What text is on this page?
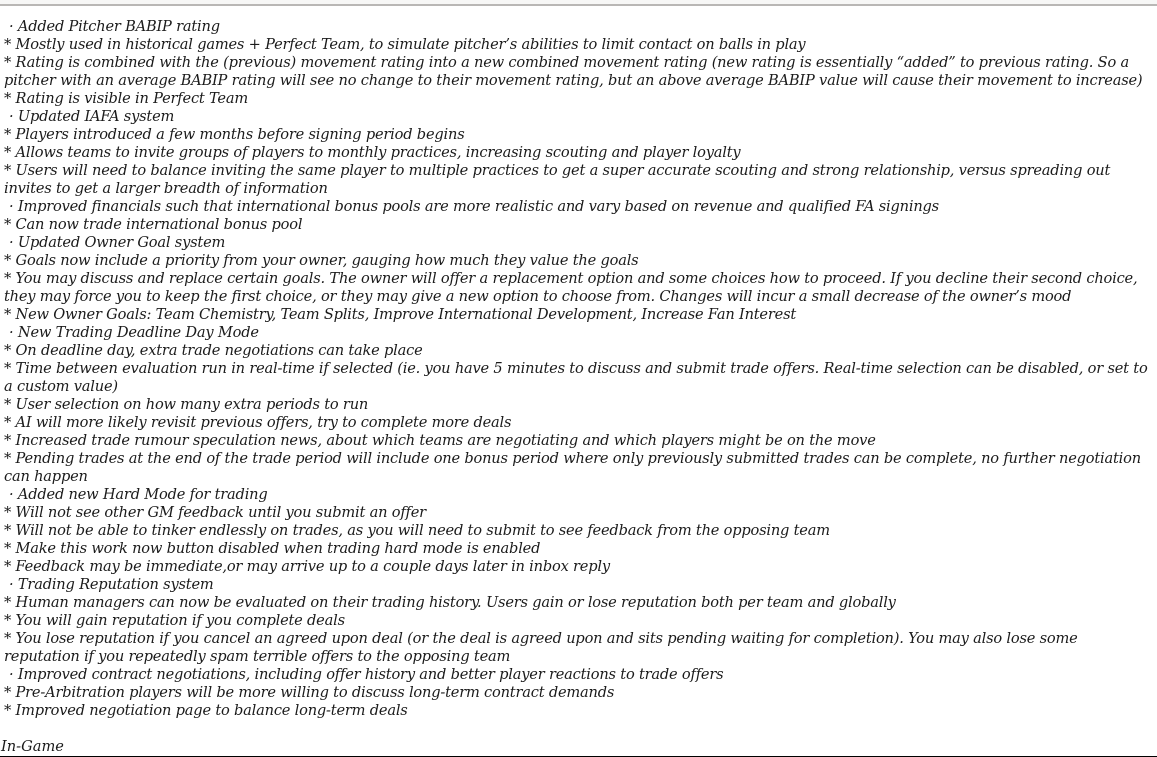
· Added Pitcher BABIP rating
* Mostly used in historical games + Perfect Team, to simulate pitcher’s abilities to limit contact on balls in play
* Rating is combined with the (previous) movement rating into a new combined movement rating (new rating is essentially “added” to previous rating. So a pitcher with an average BABIP rating will see no change to their movement rating, but an above average BABIP value will cause their movement to increase)
* Rating is visible in Perfect Team
· Updated IAFA system
* Players introduced a few months before signing period begins
* Allows teams to invite groups of players to monthly practices, increasing scouting and player loyalty
* Users will need to balance inviting the same player to multiple practices to get a super accurate scouting and strong relationship, versus spreading out invites to get a larger breadth of information
· Improved financials such that international bonus pools are more realistic and vary based on revenue and qualified FA signings
* Can now trade international bonus pool
· Updated Owner Goal system
* Goals now include a priority from your owner, gauging how much they value the goals
* You may discuss and replace certain goals. The owner will offer a replacement option and some choices how to proceed. If you decline their second choice, they may force you to keep the first choice, or they may give a new option to choose from. Changes will incur a small decrease of the owner’s mood
* New Owner Goals: Team Chemistry, Team Splits, Improve International Development, Increase Fan Interest
· New Trading Deadline Day Mode
* On deadline day, extra trade negotiations can take place
* Time between evaluation run in real-time if selected (ie. you have 5 minutes to discuss and submit trade offers. Real-time selection can be disabled, or set to a custom value)
* User selection on how many extra periods to run
* AI will more likely revisit previous offers, try to complete more deals
* Increased trade rumour speculation news, about which teams are negotiating and which players might be on the move
* Pending trades at the end of the trade period will include one bonus period where only previously submitted trades can be complete, no further negotiation can happen
· Added new Hard Mode for trading
* Will not see other GM feedback until you submit an offer
* Will not be able to tinker endlessly on trades, as you will need to submit to see feedback from the opposing team
* Make this work now button disabled when trading hard mode is enabled
* Feedback may be immediate,or may arrive up to a couple days later in inbox reply
· Trading Reputation system
* Human managers can now be evaluated on their trading history. Users gain or lose reputation both per team and globally
* You will gain reputation if you complete deals
* You lose reputation if you cancel an agreed upon deal (or the deal is agreed upon and sits pending waiting for completion). You may also lose some reputation if you repeatedly spam terrible offers to the opposing team
· Improved contract negotiations, including offer history and better player reactions to trade offers
* Pre-Arbitration players will be more willing to discuss long-term contract demands
* Improved negotiation page to balance long-term deals
In-Game
